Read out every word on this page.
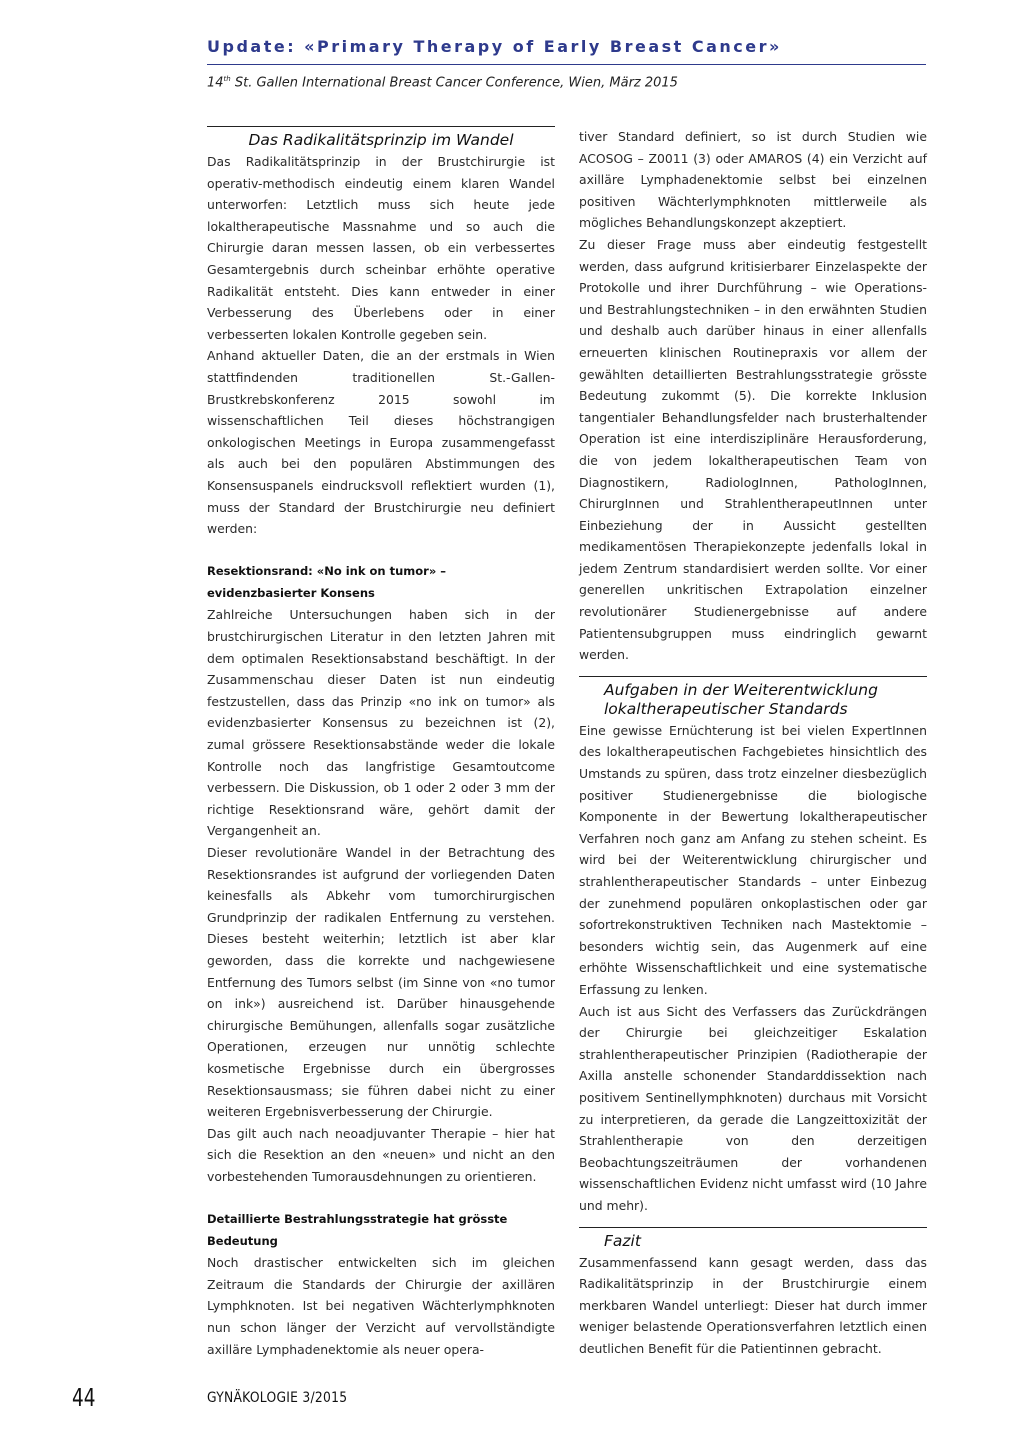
Update: «Primary Therapy of Early Breast Cancer»
14th St. Gallen International Breast Cancer Conference, Wien, März 2015
Das Radikalitätsprinzip im Wandel

Das Radikalitätsprinzip in der Brustchirurgie ist operativ-methodisch eindeutig einem klaren Wandel unterworfen: Letztlich muss sich heute jede lokaltherapeutische Massnahme und so auch die Chirurgie daran messen lassen, ob ein verbessertes Gesamtergebnis durch scheinbar erhöhte operative Radikalität entsteht. Dies kann entweder in einer Verbesserung des Überlebens oder in einer verbesserten lokalen Kontrolle gegeben sein.

Anhand aktueller Daten, die an der erstmals in Wien stattfindenden traditionellen St.-Gallen-Brustkrebskonferenz 2015 sowohl im wissenschaftlichen Teil dieses höchstrangigen onkologischen Meetings in Europa zusammengefasst als auch bei den populären Abstimmungen des Konsensuspanels eindrucksvoll reflektiert wurden (1), muss der Standard der Brustchirurgie neu definiert werden:

Resektionsrand: «No ink on tumor» –
evidenzbasierter Konsens

Zahlreiche Untersuchungen haben sich in der brustchirurgischen Literatur in den letzten Jahren mit dem optimalen Resektionsabstand beschäftigt. In der Zusammenschau dieser Daten ist nun eindeutig festzustellen, dass das Prinzip «no ink on tumor» als evidenzbasierter Konsensus zu bezeichnen ist (2), zumal grössere Resektionsabstände weder die lokale Kontrolle noch das langfristige Gesamtoutcome verbessern. Die Diskussion, ob 1 oder 2 oder 3 mm der richtige Resektionsrand wäre, gehört damit der Vergangenheit an.

Dieser revolutionäre Wandel in der Betrachtung des Resektionsrandes ist aufgrund der vorliegenden Daten keinesfalls als Abkehr vom tumorchirurgischen Grundprinzip der radikalen Entfernung zu verstehen. Dieses besteht weiterhin; letztlich ist aber klar geworden, dass die korrekte und nachgewiesene Entfernung des Tumors selbst (im Sinne von «no tumor on ink») ausreichend ist. Darüber hinausgehende chirurgische Bemühungen, allenfalls sogar zusätzliche Operationen, erzeugen nur unnötig schlechte kosmetische Ergebnisse durch ein übergrosses Resektionsausmass; sie führen dabei nicht zu einer weiteren Ergebnisverbesserung der Chirurgie.

Das gilt auch nach neoadjuvanter Therapie – hier hat sich die Resektion an den «neuen» und nicht an den vorbestehenden Tumorausdehnungen zu orientieren.

Detaillierte Bestrahlungsstrategie hat grösste
Bedeutung

Noch drastischer entwickelten sich im gleichen Zeitraum die Standards der Chirurgie der axillären Lymphknoten. Ist bei negativen Wächterlymphknoten nun schon länger der Verzicht auf vervollständigte axilläre Lymphadenektomie als neuer opera-

tiver Standard definiert, so ist durch Studien wie ACOSOG – Z0011 (3) oder AMAROS (4) ein Verzicht auf axilläre Lymphadenektomie selbst bei einzelnen positiven Wächterlymphknoten mittlerweile als mögliches Behandlungskonzept akzeptiert.

Zu dieser Frage muss aber eindeutig festgestellt werden, dass aufgrund kritisierbarer Einzelaspekte der Protokolle und ihrer Durchführung – wie Operations- und Bestrahlungstechniken – in den erwähnten Studien und deshalb auch darüber hinaus in einer allenfalls erneuerten klinischen Routinepraxis vor allem der gewählten detaillierten Bestrahlungsstrategie grösste Bedeutung zukommt (5). Die korrekte Inklusion tangentialer Behandlungsfelder nach brusterhaltender Operation ist eine interdisziplinäre Herausforderung, die von jedem lokaltherapeutischen Team von Diagnostikern, RadiologInnen, PathologInnen, ChirurgInnen und StrahlentherapeutInnen unter Einbeziehung der in Aussicht gestellten medikamentösen Therapiekonzepte jedenfalls lokal in jedem Zentrum standardisiert werden sollte. Vor einer generellen unkritischen Extrapolation einzelner revolutionärer Studienergebnisse auf andere Patientensubgruppen muss eindringlich gewarnt werden.

Aufgaben in der Weiterentwicklung
lokaltherapeutischer Standards

Eine gewisse Ernüchterung ist bei vielen ExpertInnen des lokaltherapeutischen Fachgebietes hinsichtlich des Umstands zu spüren, dass trotz einzelner diesbezüglich positiver Studienergebnisse die biologische Komponente in der Bewertung lokaltherapeutischer Verfahren noch ganz am Anfang zu stehen scheint. Es wird bei der Weiterentwicklung chirurgischer und strahlentherapeutischer Standards – unter Einbezug der zunehmend populären onkoplastischen oder gar sofortrekonstruktiven Techniken nach Mastektomie – besonders wichtig sein, das Augenmerk auf eine erhöhte Wissenschaftlichkeit und eine systematische Erfassung zu lenken.

Auch ist aus Sicht des Verfassers das Zurückdrängen der Chirurgie bei gleichzeitiger Eskalation strahlentherapeutischer Prinzipien (Radiotherapie der Axilla anstelle schonender Standarddissektion nach positivem Sentinellymphknoten) durchaus mit Vorsicht zu interpretieren, da gerade die Langzeittoxizität der Strahlentherapie von den derzeitigen Beobachtungszeiträumen der vorhandenen wissenschaftlichen Evidenz nicht umfasst wird (10 Jahre und mehr).

Fazit

Zusammenfassend kann gesagt werden, dass das Radikalitätsprinzip in der Brustchirurgie einem merkbaren Wandel unterliegt: Dieser hat durch immer weniger belastende Operationsverfahren letztlich einen deutlichen Benefit für die Patientinnen gebracht.

44	GYNÄKOLOGIE 3/2015
